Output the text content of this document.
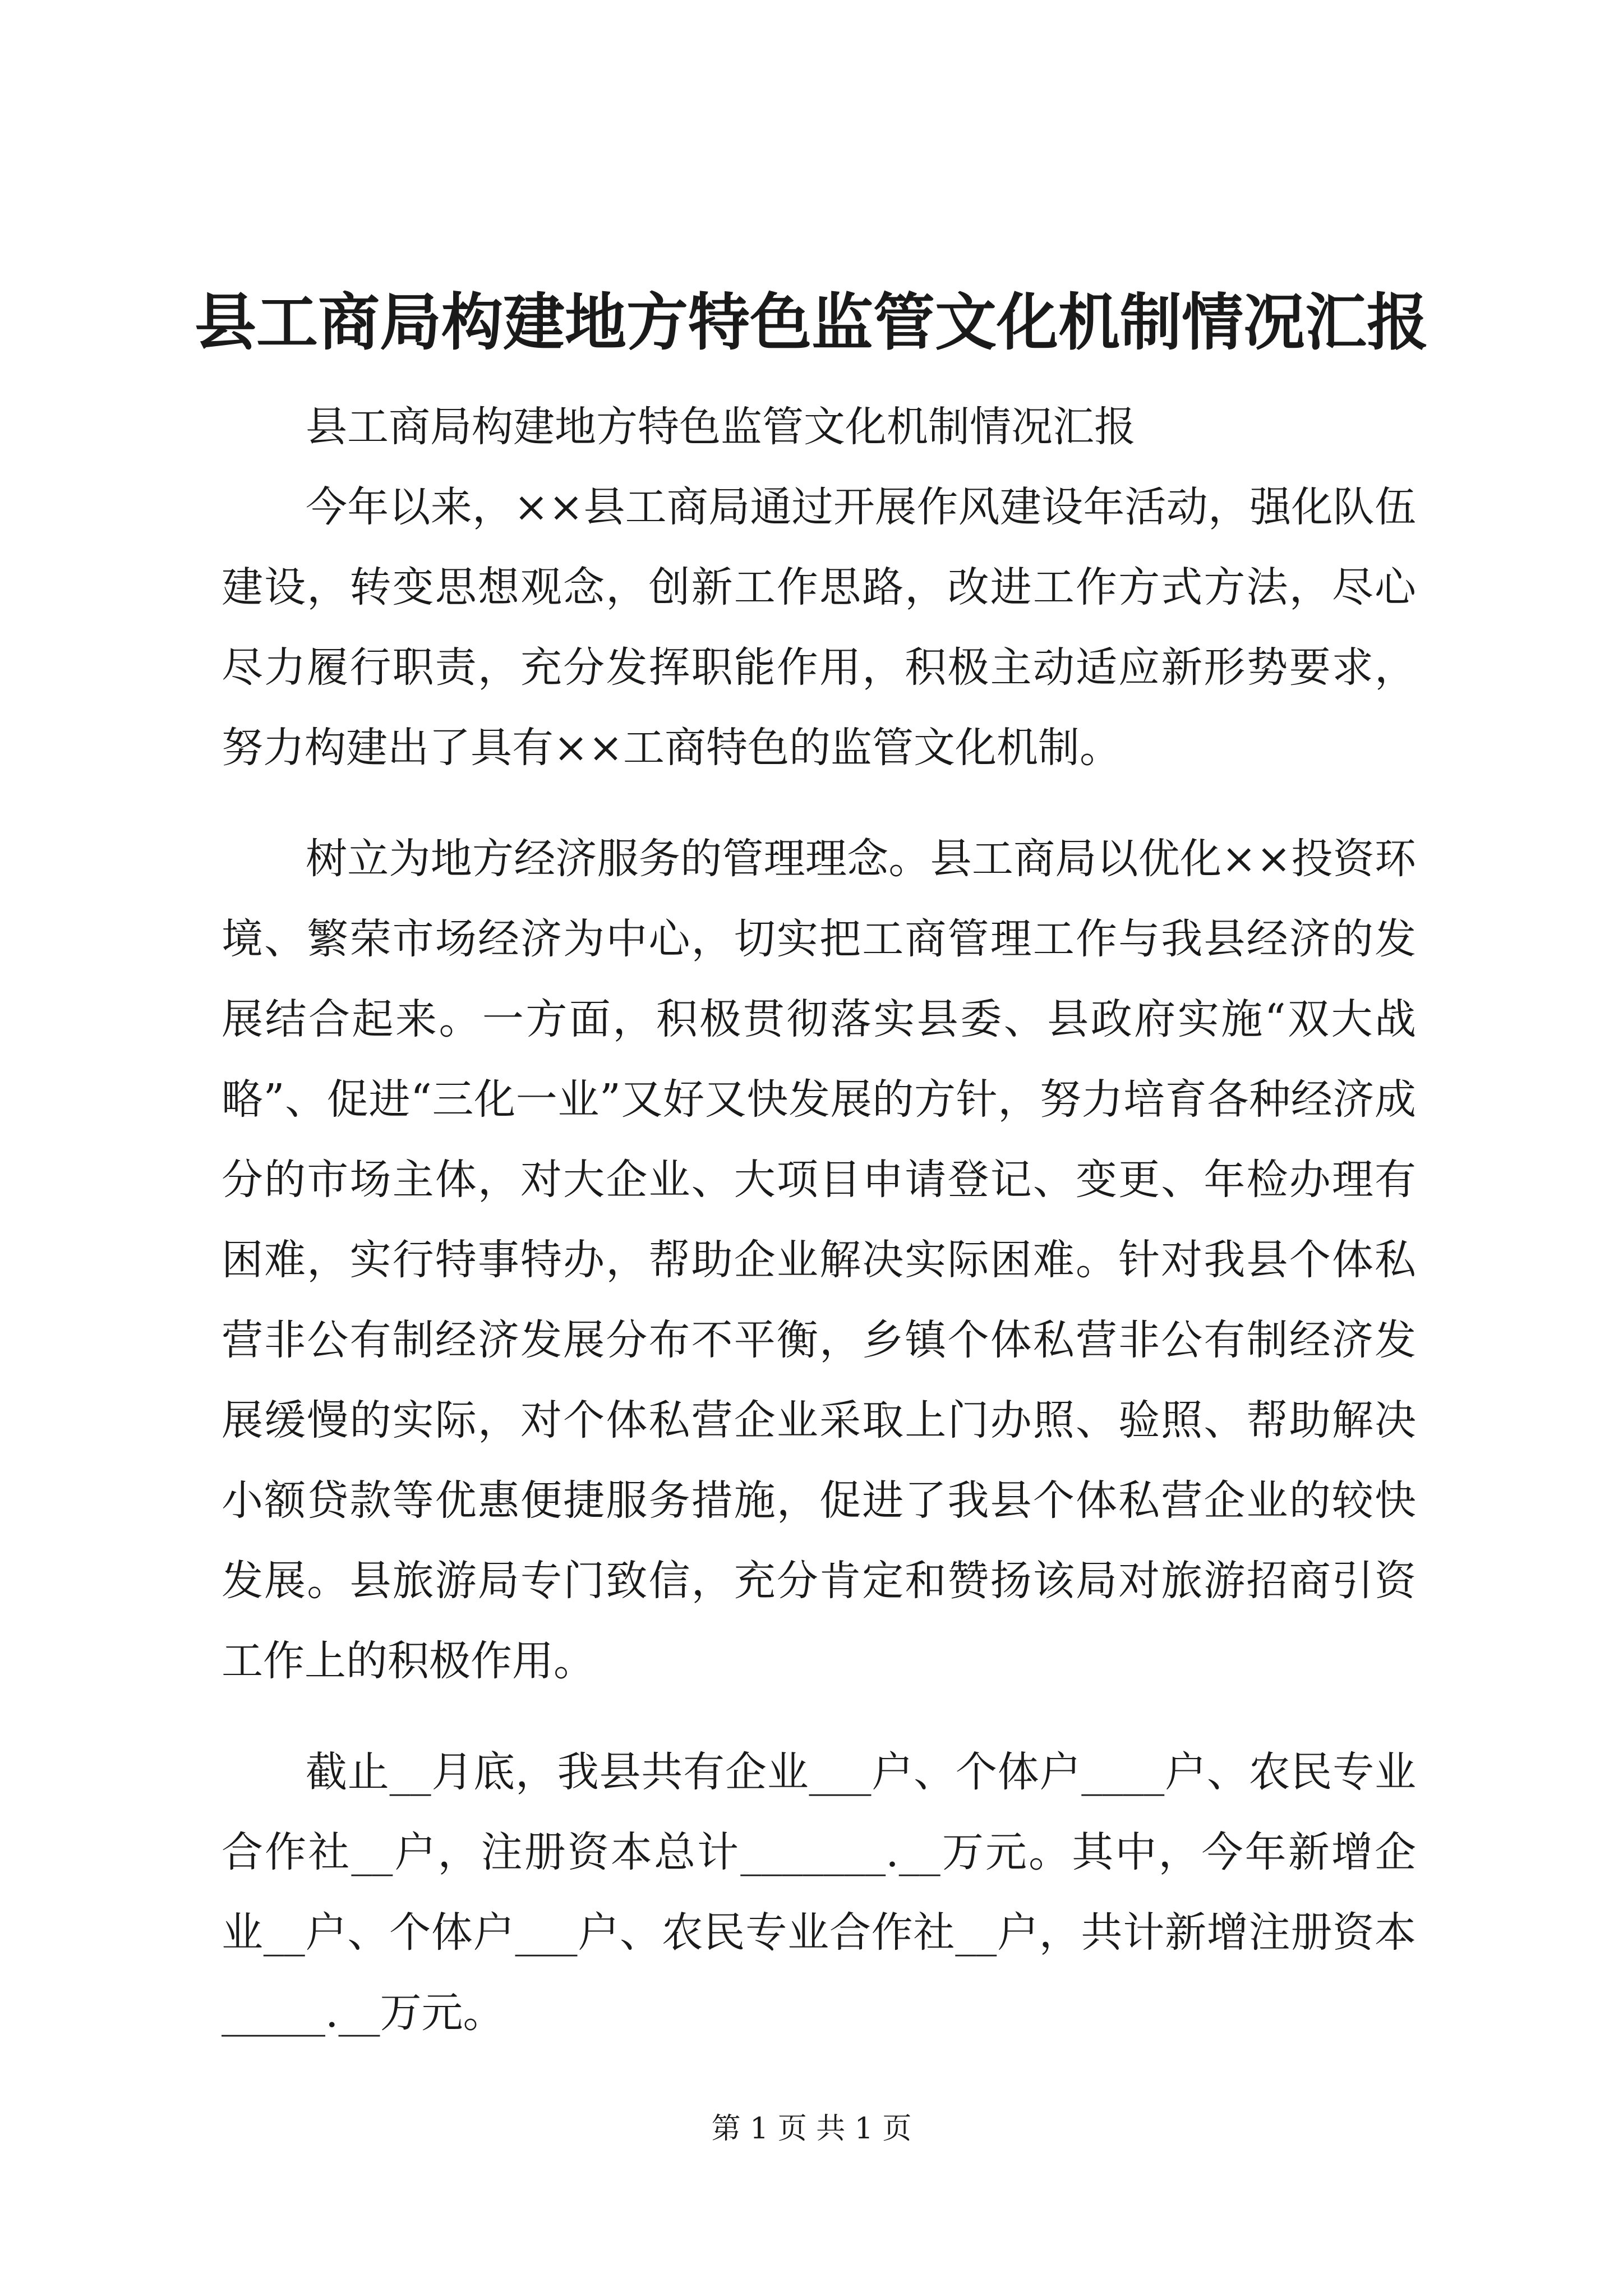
县工商局构建地方特色监管文化机制情况汇报

县工商局构建地方特色监管文化机制情况汇报

今年以来，××县工商局通过开展作风建设年活动，强化队伍建设，转变思想观念，创新工作思路，改进工作方式方法，尽心尽力履行职责，充分发挥职能作用，积极主动适应新形势要求，努力构建出了具有××工商特色的监管文化机制。

树立为地方经济服务的管理理念。县工商局以优化××投资环境、繁荣市场经济为中心，切实把工商管理工作与我县经济的发展结合起来。一方面，积极贯彻落实县委、县政府实施“双大战略”、促进“三化一业”又好又快发展的方针，努力培育各种经济成分的市场主体，对大企业、大项目申请登记、变更、年检办理有困难，实行特事特办，帮助企业解决实际困难。针对我县个体私营非公有制经济发展分布不平衡，乡镇个体私营非公有制经济发展缓慢的实际，对个体私营企业采取上门办照、验照、帮助解决小额贷款等优惠便捷服务措施，促进了我县个体私营企业的较快发展。县旅游局专门致信，充分肯定和赞扬该局对旅游招商引资工作上的积极作用。

截止__月底，我县共有企业___户、个体户____户、农民专业合作社__户，注册资本总计_______.__万元。其中，今年新增企业__户、个体户___户、农民专业合作社__户，共计新增注册资本_____.__万元。

第 1 页 共 1 页
